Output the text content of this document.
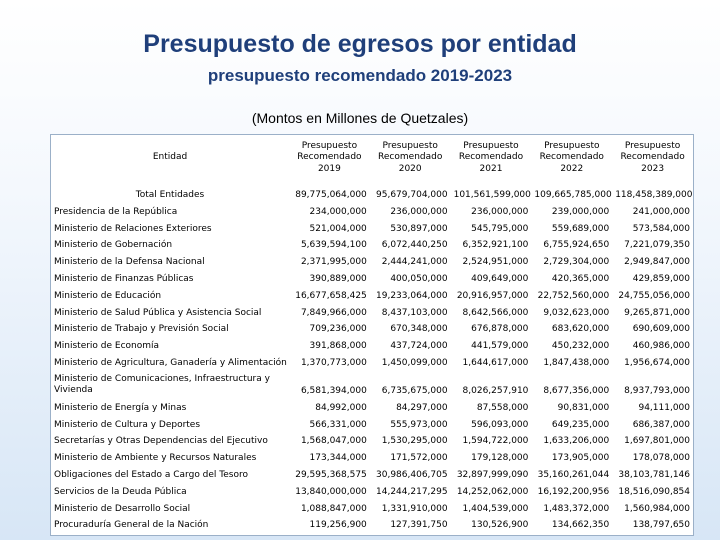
Presupuesto de egresos por entidad
presupuesto recomendado 2019-2023
(Montos en Millones de Quetzales)
Entidad	Presupuesto Recomendado 2019	Presupuesto Recomendado 2020	Presupuesto Recomendado 2021	Presupuesto Recomendado 2022	Presupuesto Recomendado 2023
Total Entidades	89,775,064,000	95,679,704,000	101,561,599,000	109,665,785,000	118,458,389,000
Presidencia de la República	234,000,000	236,000,000	236,000,000	239,000,000	241,000,000
Ministerio de Relaciones Exteriores	521,004,000	530,897,000	545,795,000	559,689,000	573,584,000
Ministerio de Gobernación	5,639,594,100	6,072,440,250	6,352,921,100	6,755,924,650	7,221,079,350
Ministerio de la Defensa Nacional	2,371,995,000	2,444,241,000	2,524,951,000	2,729,304,000	2,949,847,000
Ministerio de Finanzas Públicas	390,889,000	400,050,000	409,649,000	420,365,000	429,859,000
Ministerio de Educación	16,677,658,425	19,233,064,000	20,916,957,000	22,752,560,000	24,755,056,000
Ministerio de Salud Pública y Asistencia Social	7,849,966,000	8,437,103,000	8,642,566,000	9,032,623,000	9,265,871,000
Ministerio de Trabajo y Previsión Social	709,236,000	670,348,000	676,878,000	683,620,000	690,609,000
Ministerio de Economía	391,868,000	437,724,000	441,579,000	450,232,000	460,986,000
Ministerio de Agricultura, Ganadería y Alimentación	1,370,773,000	1,450,099,000	1,644,617,000	1,847,438,000	1,956,674,000
Ministerio de Comunicaciones, Infraestructura y Vivienda	6,581,394,000	6,735,675,000	8,026,257,910	8,677,356,000	8,937,793,000
Ministerio de Energía y Minas	84,992,000	84,297,000	87,558,000	90,831,000	94,111,000
Ministerio de Cultura y Deportes	566,331,000	555,973,000	596,093,000	649,235,000	686,387,000
Secretarías y Otras Dependencias del Ejecutivo	1,568,047,000	1,530,295,000	1,594,722,000	1,633,206,000	1,697,801,000
Ministerio de Ambiente y Recursos Naturales	173,344,000	171,572,000	179,128,000	173,905,000	178,078,000
Obligaciones del Estado a Cargo del Tesoro	29,595,368,575	30,986,406,705	32,897,999,090	35,160,261,044	38,103,781,146
Servicios de la Deuda Pública	13,840,000,000	14,244,217,295	14,252,062,000	16,192,200,956	18,516,090,854
Ministerio de Desarrollo Social	1,088,847,000	1,331,910,000	1,404,539,000	1,483,372,000	1,560,984,000
Procuraduría General de la Nación	119,256,900	127,391,750	130,526,900	134,662,350	138,797,650
